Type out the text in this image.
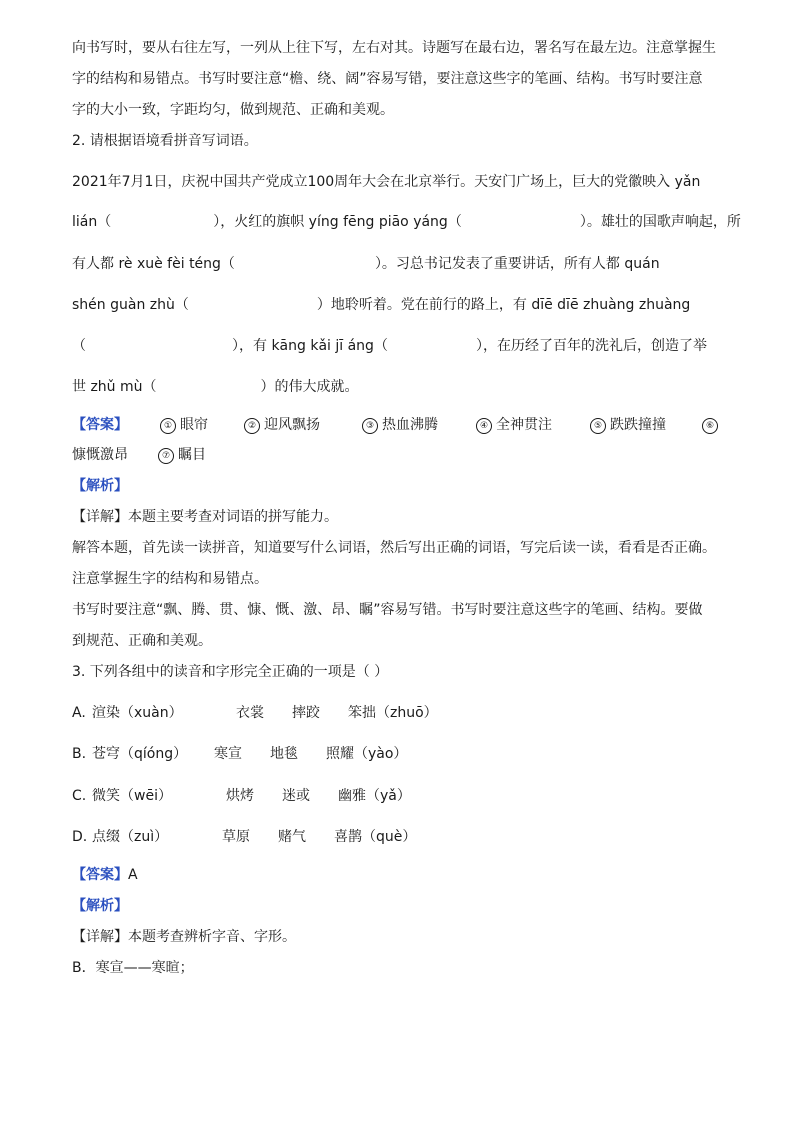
向书写时，要从右往左写，一列从上往下写，左右对其。诗题写在最右边，署名写在最左边。注意掌握生
字的结构和易错点。书写时要注意“檐、绕、阔”容易写错，要注意这些字的笔画、结构。书写时要注意
字的大小一致，字距均匀，做到规范、正确和美观。
2. 请根据语境看拼音写词语。
2021年7月1日，庆祝中国共产党成立100周年大会在北京举行。天安门广场上，巨大的党徽映入 yǎn
lián（	），火红的旗帜 yíng fēng piāo yáng（	）。雄壮的国歌声响起，所
有人都 rè xuè fèi téng（	）。习总书记发表了重要讲话，所有人都 quán
shén guàn zhù（	）地聆听着。党在前行的路上，有 dīē dīē zhuàng zhuàng
（	），有 kāng kǎi jī áng（	），在历经了百年的洗礼后，创造了举
世 zhǔ mù（	）的伟大成就。
【答案】	① 眼帘	② 迎风飘扬	③ 热血沸腾	④ 全神贯注	⑤ 跌跌撞撞	⑥
慷慨激昂	⑦ 瞩目
【解析】
【详解】本题主要考查对词语的拼写能力。
解答本题，首先读一读拼音，知道要写什么词语，然后写出正确的词语，写完后读一读，看看是否正确。
注意掌握生字的结构和易错点。
书写时要注意“飘、腾、贯、慷、慨、激、昂、瞩”容易写错。书写时要注意这些字的笔画、结构。要做
到规范、正确和美观。
3. 下列各组中的读音和字形完全正确的一项是（ ）
A. 渲染（xuàn）	衣裳 摔跤 笨拙（zhuō）
B. 苍穹（qíóng） 寒宣 地毯 照耀（yào）
C. 微笑（wēi）	烘烤 迷或 幽雅（yǎ）
D. 点缀（zuì）	草原 赌气 喜鹊（què）
【答案】A
【解析】
【详解】本题考查辨析字音、字形。
B．寒宣——寒暄；
